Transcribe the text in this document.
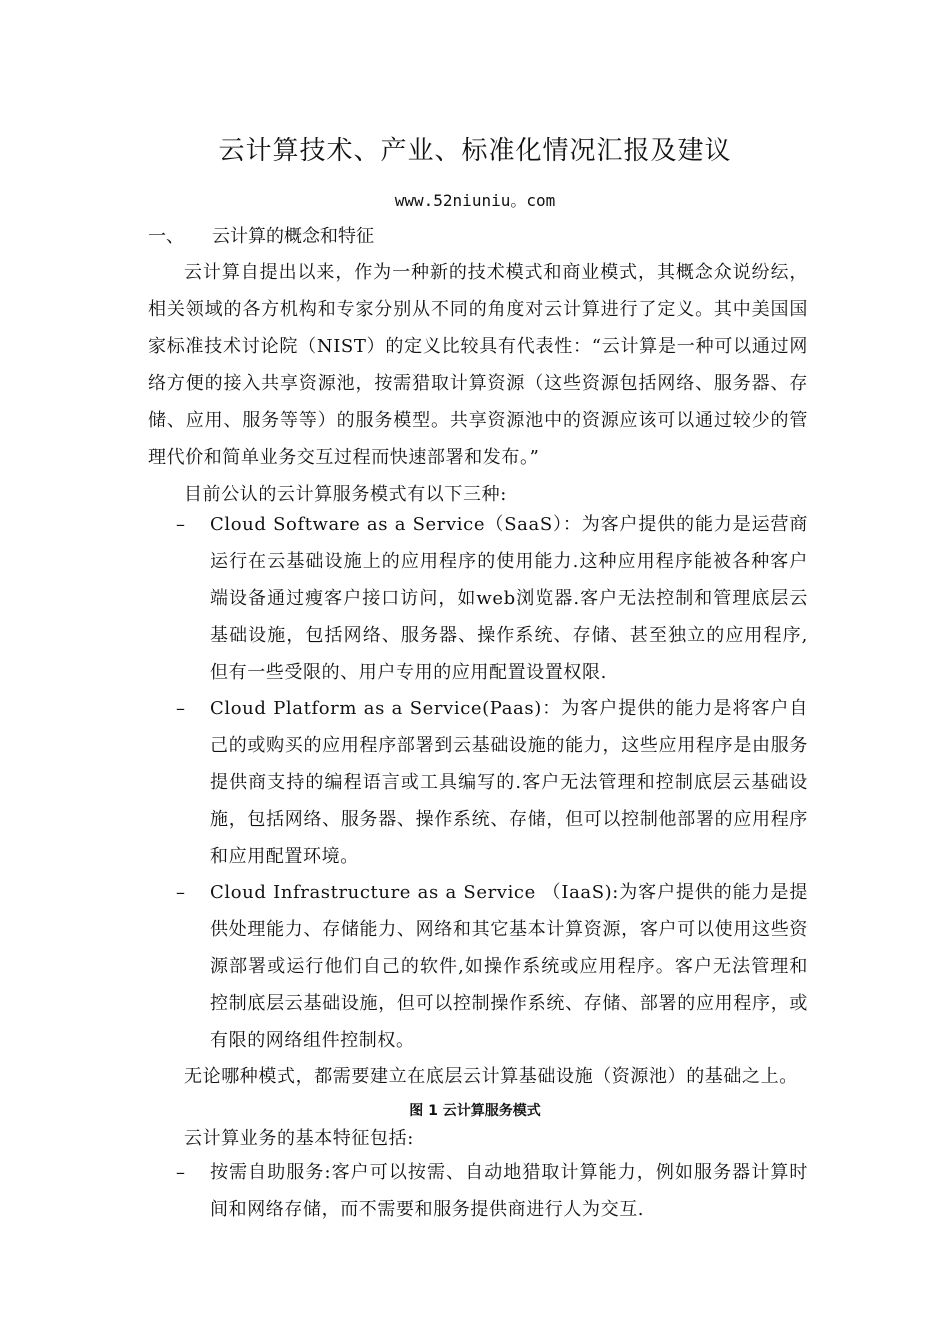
云计算技术、产业、标准化情况汇报及建议
www.52niuniu。com
一、 云计算的概念和特征
云计算自提出以来，作为一种新的技术模式和商业模式，其概念众说纷纭，相关领域的各方机构和专家分别从不同的角度对云计算进行了定义。其中美国国家标准技术讨论院（NIST）的定义比较具有代表性：“云计算是一种可以通过网络方便的接入共享资源池，按需猎取计算资源（这些资源包括网络、服务器、存储、应用、服务等等）的服务模型。共享资源池中的资源应该可以通过较少的管理代价和简单业务交互过程而快速部署和发布。”
目前公认的云计算服务模式有以下三种:
–	Cloud Software as a Service（SaaS）：为客户提供的能力是运营商运行在云基础设施上的应用程序的使用能力.这种应用程序能被各种客户端设备通过瘦客户接口访问，如web浏览器.客户无法控制和管理底层云基础设施，包括网络、服务器、操作系统、存储、甚至独立的应用程序,但有一些受限的、用户专用的应用配置设置权限.
–	Cloud Platform as a Service(Paas)：为客户提供的能力是将客户自己的或购买的应用程序部署到云基础设施的能力，这些应用程序是由服务提供商支持的编程语言或工具编写的.客户无法管理和控制底层云基础设施，包括网络、服务器、操作系统、存储，但可以控制他部署的应用程序和应用配置环境。
–	Cloud Infrastructure as a Service （IaaS):为客户提供的能力是提供处理能力、存储能力、网络和其它基本计算资源，客户可以使用这些资源部署或运行他们自己的软件,如操作系统或应用程序。客户无法管理和控制底层云基础设施，但可以控制操作系统、存储、部署的应用程序，或有限的网络组件控制权。
无论哪种模式，都需要建立在底层云计算基础设施（资源池）的基础之上。
图 1 云计算服务模式
云计算业务的基本特征包括:
–	按需自助服务:客户可以按需、自动地猎取计算能力，例如服务器计算时间和网络存储，而不需要和服务提供商进行人为交互.
